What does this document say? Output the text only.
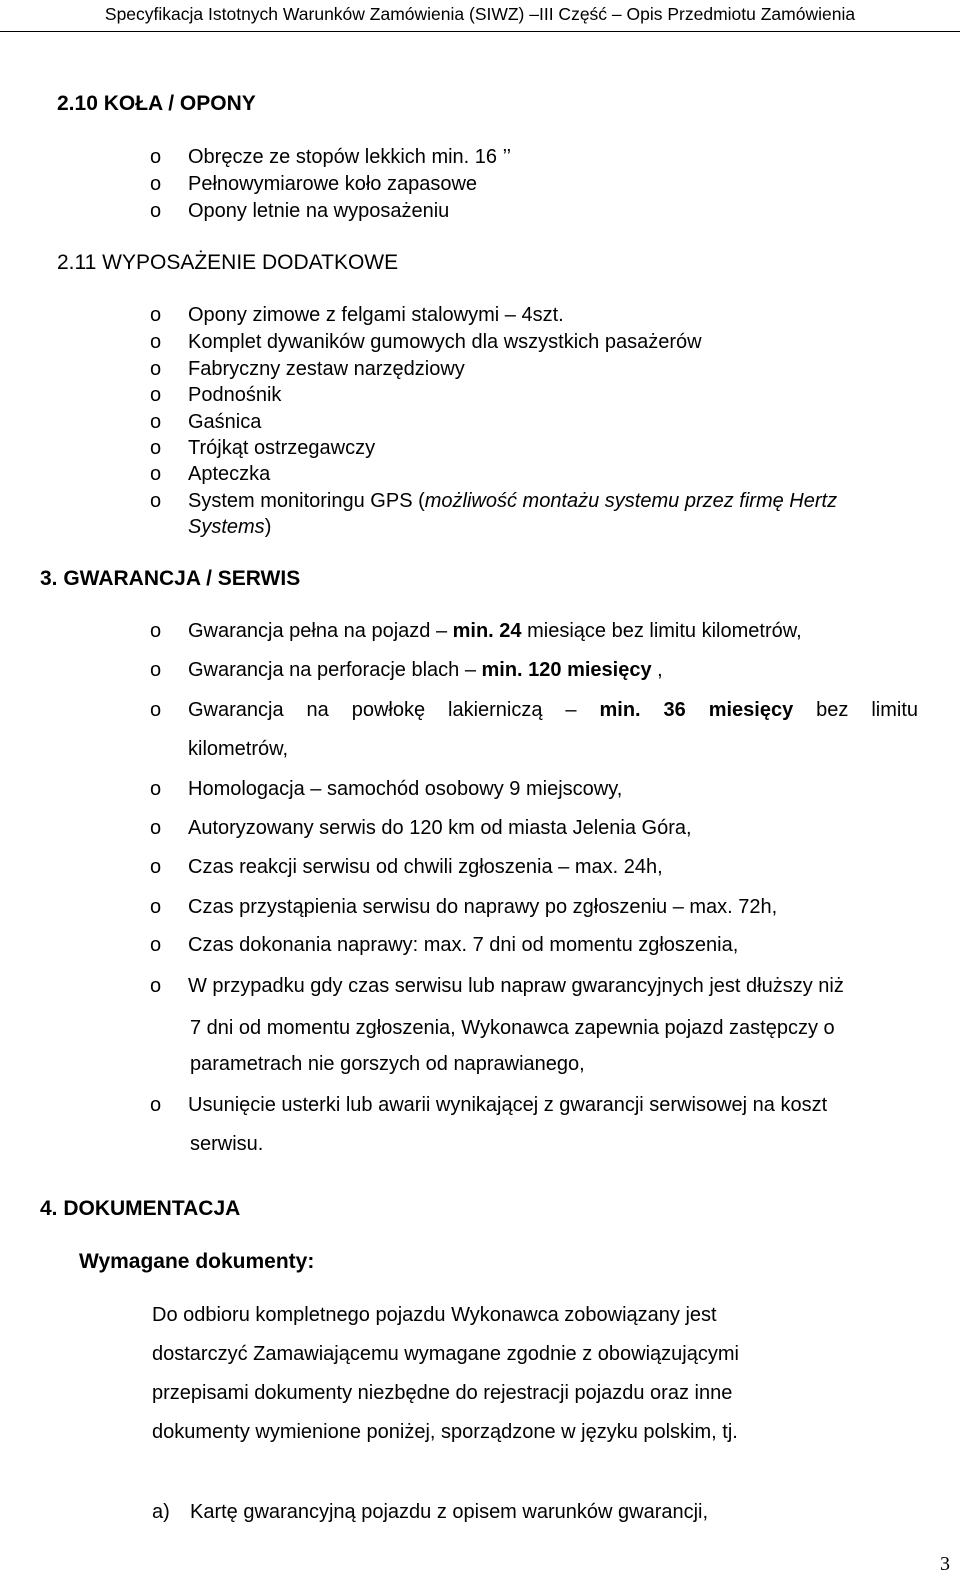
Specyfikacja Istotnych Warunków Zamówienia (SIWZ) –III Część – Opis Przedmiotu Zamówienia
2.10 KOŁA / OPONY
o Obręcze ze stopów lekkich min. 16 ’’
o Pełnowymiarowe koło zapasowe
o Opony letnie na wyposażeniu
2.11 WYPOSAŻENIE DODATKOWE
o Opony zimowe z felgami stalowymi – 4szt.
o Komplet dywaników gumowych dla wszystkich pasażerów
o Fabryczny zestaw narzędziowy
o Podnośnik
o Gaśnica
o Trójkąt ostrzegawczy
o Apteczka
o System monitoringu GPS (możliwość montażu systemu przez firmę Hertz
Systems)
3. GWARANCJA / SERWIS
o Gwarancja pełna na pojazd – min. 24 miesiące bez limitu kilometrów,
o Gwarancja na perforacje blach – min. 120 miesięcy ,
o Gwarancja na powłokę lakierniczą – min. 36 miesięcy bez limitu
kilometrów,
o Homologacja – samochód osobowy 9 miejscowy,
o Autoryzowany serwis do 120 km od miasta Jelenia Góra,
o Czas reakcji serwisu od chwili zgłoszenia – max. 24h,
o Czas przystąpienia serwisu do naprawy po zgłoszeniu – max. 72h,
o Czas dokonania naprawy: max. 7 dni od momentu zgłoszenia,
o W przypadku gdy czas serwisu lub napraw gwarancyjnych jest dłuższy niż
7 dni od momentu zgłoszenia, Wykonawca zapewnia pojazd zastępczy o
parametrach nie gorszych od naprawianego,
o Usunięcie usterki lub awarii wynikającej z gwarancji serwisowej na koszt
serwisu.
4. DOKUMENTACJA
Wymagane dokumenty:
Do odbioru kompletnego pojazdu Wykonawca zobowiązany jest
dostarczyć Zamawiającemu wymagane zgodnie z obowiązującymi
przepisami dokumenty niezbędne do rejestracji pojazdu oraz inne
dokumenty wymienione poniżej, sporządzone w języku polskim, tj.
a) Kartę gwarancyjną pojazdu z opisem warunków gwarancji,
3
